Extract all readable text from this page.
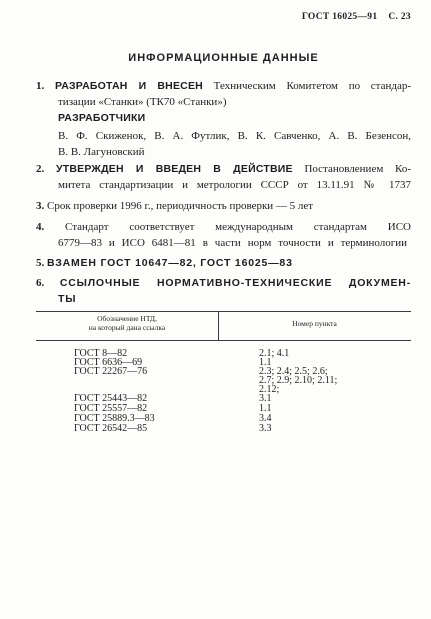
ГОСТ 16025—91 С. 23
ИНФОРМАЦИОННЫЕ ДАННЫЕ
1. РАЗРАБОТАН И ВНЕСЕН Техническим Комитетом по стандар-
тизации «Станки» (ТК70 «Станки»)
РАЗРАБОТЧИКИ
В. Ф. Скиженок, В. А. Футлик, В. К. Савченко, А. В. Безенсон,
В. В. Лагуновский
2. УТВЕРЖДЕН И ВВЕДЕН В ДЕЙСТВИЕ Постановлением Ко-
митета стандартизации и метрологии СССР от 13.11.91 № 1737
3. Срок проверки 1996 г., периодичность проверки — 5 лет
4. Стандарт соответствует международным стандартам ИСО
6779—83 и ИСО 6481—81 в части норм точности и терминологии
5. ВЗАМЕН ГОСТ 10647—82, ГОСТ 16025—83
6. ССЫЛОЧНЫЕ НОРМАТИВНО-ТЕХНИЧЕСКИЕ ДОКУМЕН-
ТЫ
Обозначение НТД,
на который дана ссылка	Номер пункта
ГОСТ 8—82	2.1; 4.1
ГОСТ 6636—69	1.1
ГОСТ 22267—76	2.3; 2.4; 2.5; 2.6;
2.7; 2.9; 2.10; 2.11;
2.12;
ГОСТ 25443—82	3.1
ГОСТ 25557—82	1.1
ГОСТ 25889.3—83	3.4
ГОСТ 26542—85	3.3
